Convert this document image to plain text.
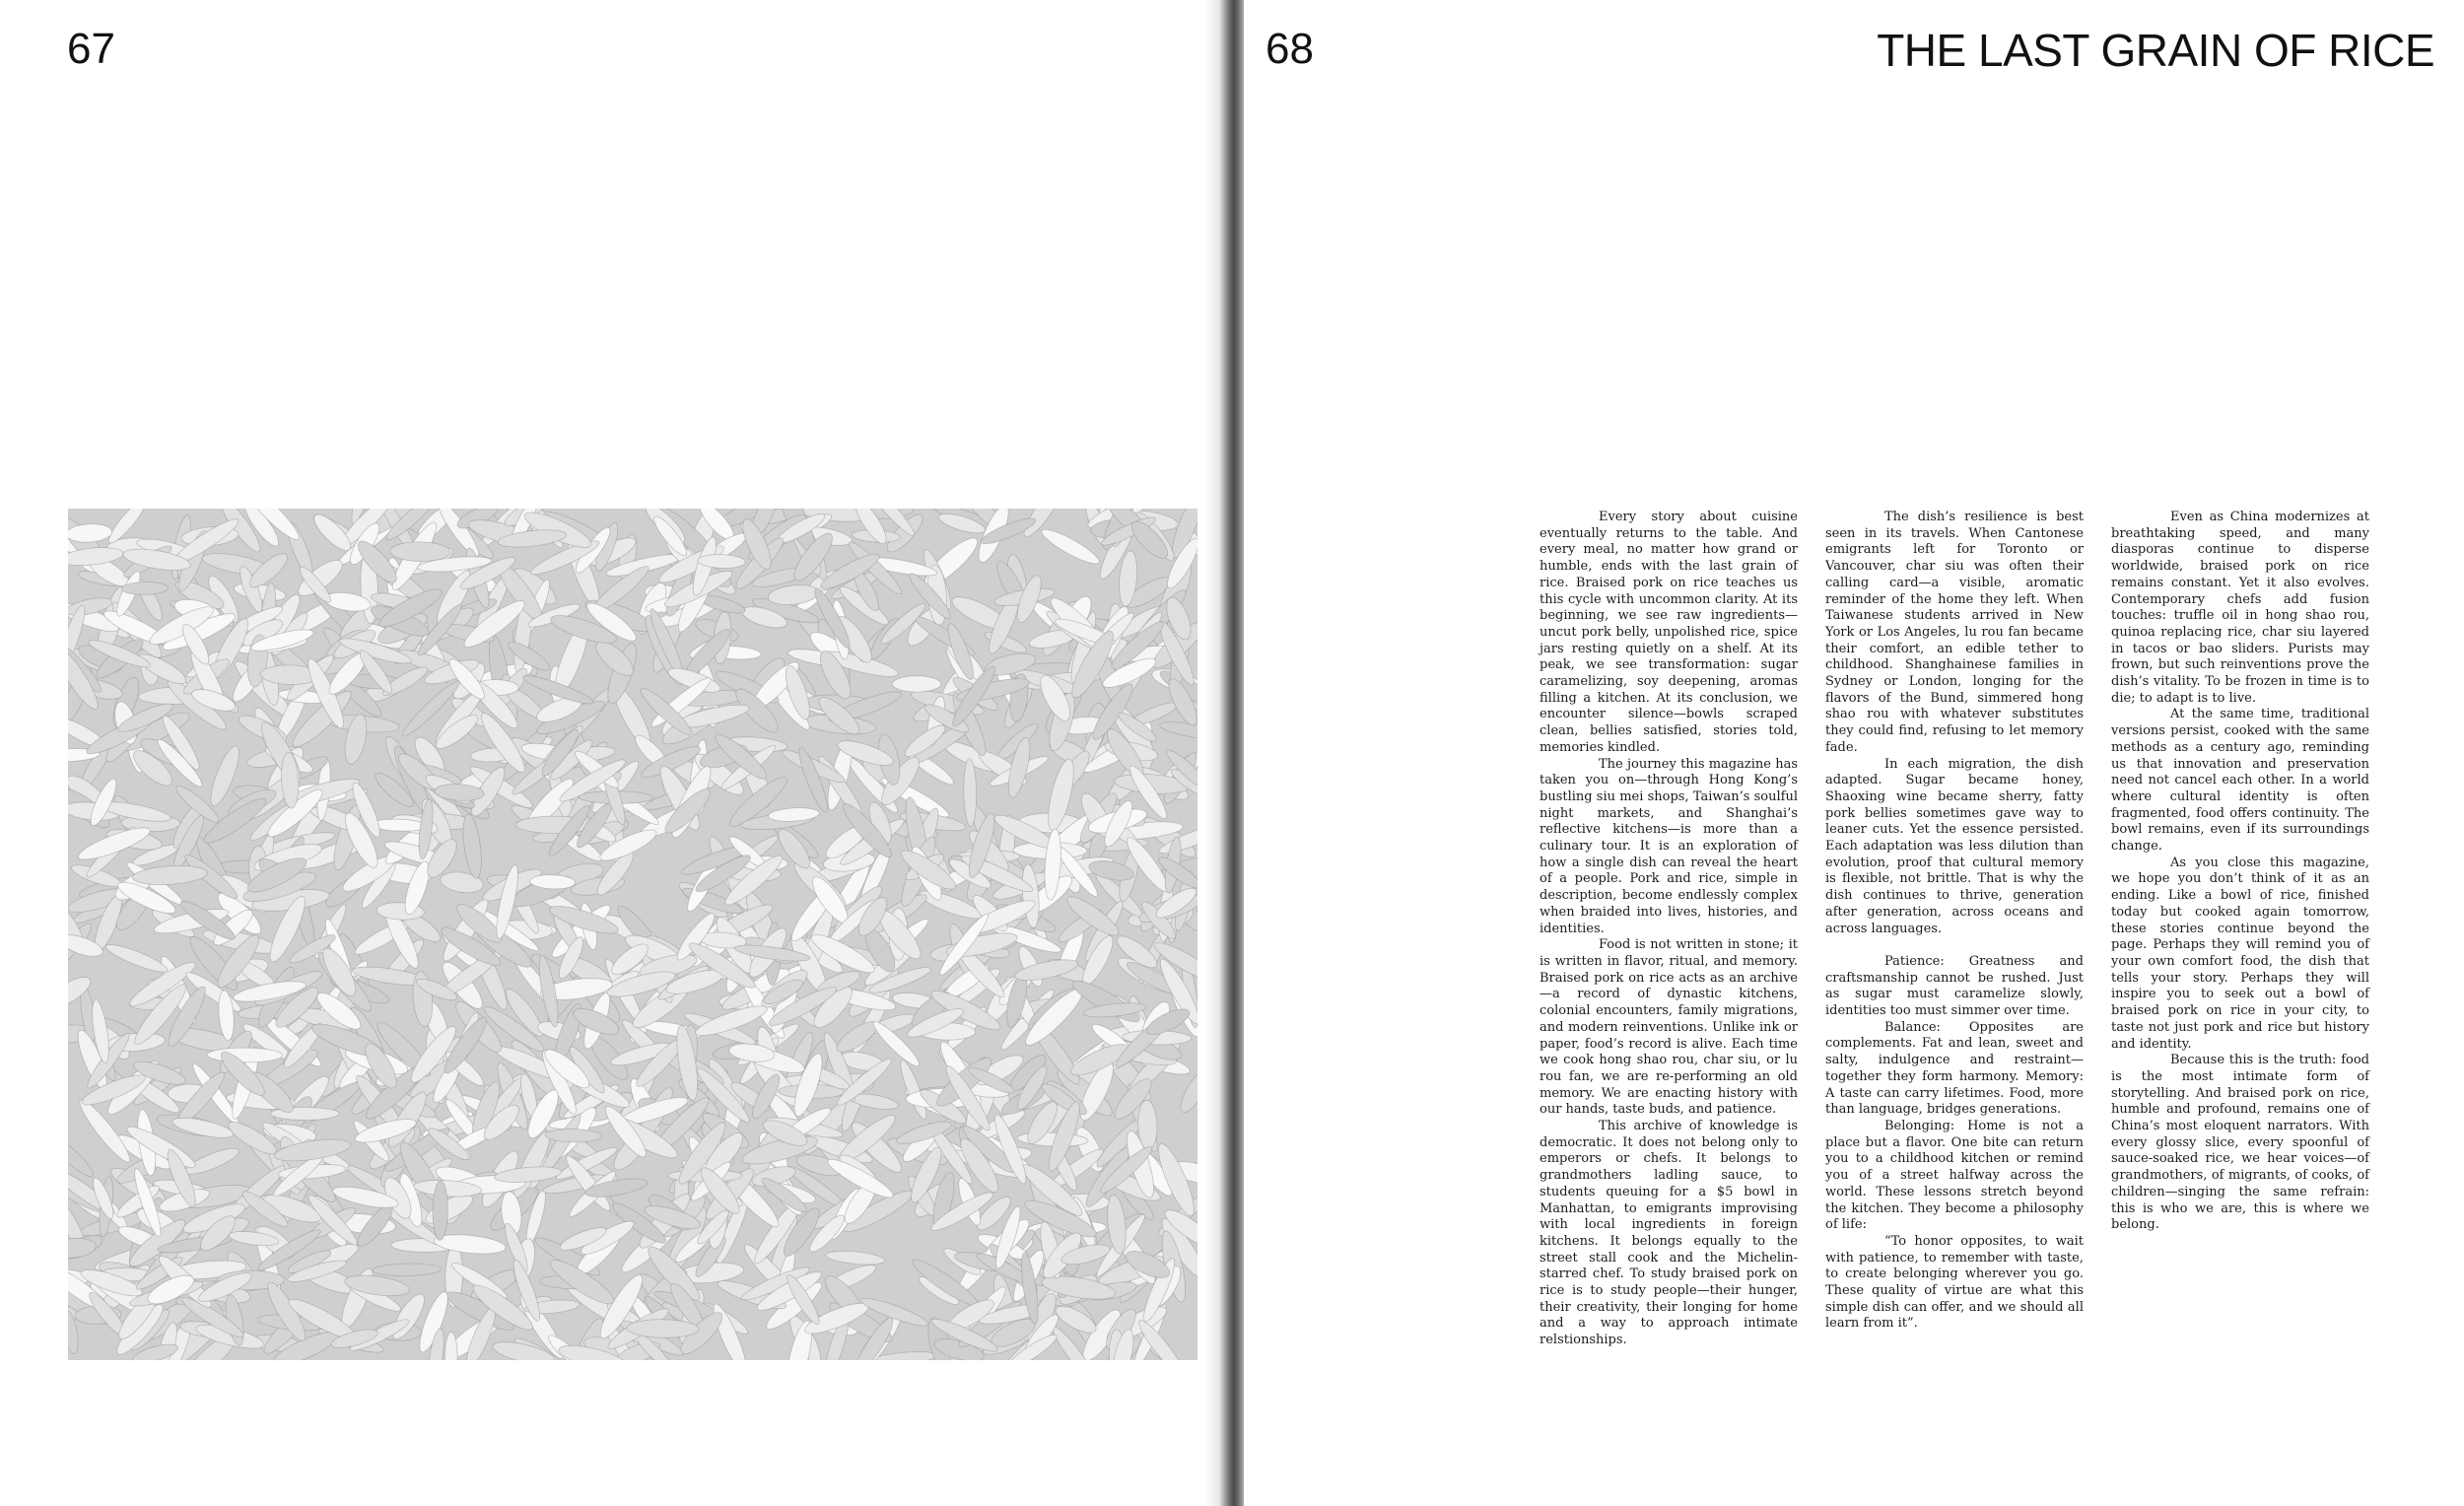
67	68	THE LAST GRAIN OF RICE

Every story about cuisine eventually returns to the table. And every meal, no matter how grand or humble, ends with the last grain of rice. Braised pork on rice teaches us this cycle with uncommon clarity. At its beginning, we see raw ingredients—uncut pork belly, unpolished rice, spice jars resting quietly on a shelf. At its peak, we see transformation: sugar caramelizing, soy deepening, aromas filling a kitchen. At its conclusion, we encounter silence—bowls scraped clean, bellies satisfied, stories told, memories kindled.

The journey this magazine has taken you on—through Hong Kong’s bustling siu mei shops, Taiwan’s soulful night markets, and Shanghai’s reflective kitchens—is more than a culinary tour. It is an exploration of how a single dish can reveal the heart of a people. Pork and rice, simple in description, become endlessly complex when braided into lives, histories, and identities.

Food is not written in stone; it is written in flavor, ritual, and memory. Braised pork on rice acts as an archive—a record of dynastic kitchens, colonial encounters, family migrations, and modern reinventions. Unlike ink or paper, food’s record is alive. Each time we cook hong shao rou, char siu, or lu rou fan, we are re-performing an old memory. We are enacting history with our hands, taste buds, and patience.

This archive of knowledge is democratic. It does not belong only to emperors or chefs. It belongs to grandmothers ladling sauce, to students queuing for a $5 bowl in Manhattan, to emigrants improvising with local ingredients in foreign kitchens. It belongs equally to the street stall cook and the Michelin-starred chef. To study braised pork on rice is to study people—their hunger, their creativity, their longing for home and a way to approach intimate relstionships.

The dish’s resilience is best seen in its travels. When Cantonese emigrants left for Toronto or Vancouver, char siu was often their calling card—a visible, aromatic reminder of the home they left. When Taiwanese students arrived in New York or Los Angeles, lu rou fan became their comfort, an edible tether to childhood. Shanghainese families in Sydney or London, longing for the flavors of the Bund, simmered hong shao rou with whatever substitutes they could find, refusing to let memory fade.

In each migration, the dish adapted. Sugar became honey, Shaoxing wine became sherry, fatty pork bellies sometimes gave way to leaner cuts. Yet the essence persisted. Each adaptation was less dilution than evolution, proof that cultural memory is flexible, not brittle. That is why the dish continues to thrive, generation after generation, across oceans and across languages.

Patience: Greatness and craftsmanship cannot be rushed. Just as sugar must caramelize slowly, identities too must simmer over time.

Balance: Opposites are complements. Fat and lean, sweet and salty, indulgence and restraint—together they form harmony. Memory: A taste can carry lifetimes. Food, more than language, bridges generations.

Belonging: Home is not a place but a flavor. One bite can return you to a childhood kitchen or remind you of a street halfway across the world. These lessons stretch beyond the kitchen. They become a philosophy of life:

“To honor opposites, to wait with patience, to remember with taste, to create belonging wherever you go. These quality of virtue are what this simple dish can offer, and we should all learn from it”.

Even as China modernizes at breathtaking speed, and many diasporas continue to disperse worldwide, braised pork on rice remains constant. Yet it also evolves. Contemporary chefs add fusion touches: truffle oil in hong shao rou, quinoa replacing rice, char siu layered in tacos or bao sliders. Purists may frown, but such reinventions prove the dish’s vitality. To be frozen in time is to die; to adapt is to live.

At the same time, traditional versions persist, cooked with the same methods as a century ago, reminding us that innovation and preservation need not cancel each other. In a world where cultural identity is often fragmented, food offers continuity. The bowl remains, even if its surroundings change.

As you close this magazine, we hope you don’t think of it as an ending. Like a bowl of rice, finished today but cooked again tomorrow, these stories continue beyond the page. Perhaps they will remind you of your own comfort food, the dish that tells your story. Perhaps they will inspire you to seek out a bowl of braised pork on rice in your city, to taste not just pork and rice but history and identity.

Because this is the truth: food is the most intimate form of storytelling. And braised pork on rice, humble and profound, remains one of China’s most eloquent narrators. With every glossy slice, every spoonful of sauce-soaked rice, we hear voices—of grandmothers, of migrants, of cooks, of children—singing the same refrain: this is who we are, this is where we belong.
